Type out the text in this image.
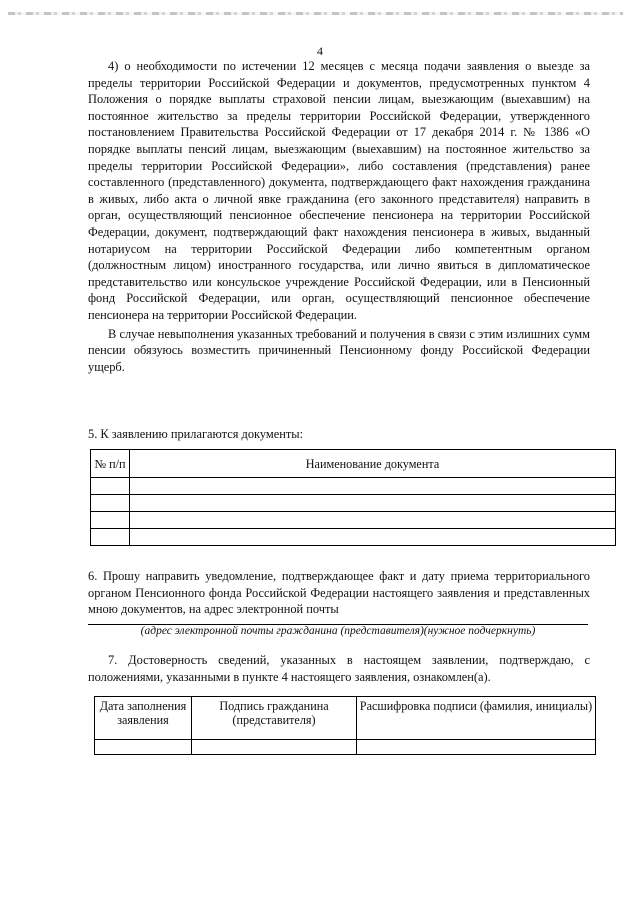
4

4) о необходимости по истечении 12 месяцев с месяца подачи заявления о выезде за пределы территории Российской Федерации и документов, предусмотренных пунктом 4 Положения о порядке выплаты страховой пенсии лицам, выезжающим (выехавшим) на постоянное жительство за пределы территории Российской Федерации, утвержденного постановлением Правительства Российской Федерации от 17 декабря 2014 г. № 1386 «О порядке выплаты пенсий лицам, выезжающим (выехавшим) на постоянное жительство за пределы территории Российской Федерации», либо составления (представления) ранее составленного (представленного) документа, подтверждающего факт нахождения гражданина в живых, либо акта о личной явке гражданина (его законного представителя) направить в орган, осуществляющий пенсионное обеспечение пенсионера на территории Российской Федерации, документ, подтверждающий факт нахождения пенсионера в живых, выданный нотариусом на территории Российской Федерации либо компетентным органом (должностным лицом) иностранного государства, или лично явиться в дипломатическое представительство или консульское учреждение Российской Федерации, или в Пенсионный фонд Российской Федерации, или орган, осуществляющий пенсионное обеспечение пенсионера на территории Российской Федерации.

В случае невыполнения указанных требований и получения в связи с этим излишних сумм пенсии обязуюсь возместить причиненный Пенсионному фонду Российской Федерации ущерб.

5. К заявлению прилагаются документы:
№ п/п	Наименование документа

6. Прошу направить уведомление, подтверждающее факт и дату приема территориального органом Пенсионного фонда Российской Федерации настоящего заявления и представленных мною документов, на адрес электронной почты

(адрес электронной почты гражданина (представителя)(нужное подчеркнуть)

7. Достоверность сведений, указанных в настоящем заявлении, подтверждаю, с положениями, указанными в пункте 4 настоящего заявления, ознакомлен(а).

Дата заполнения заявления	Подпись гражданина (представителя)	Расшифровка подписи (фамилия, инициалы)
